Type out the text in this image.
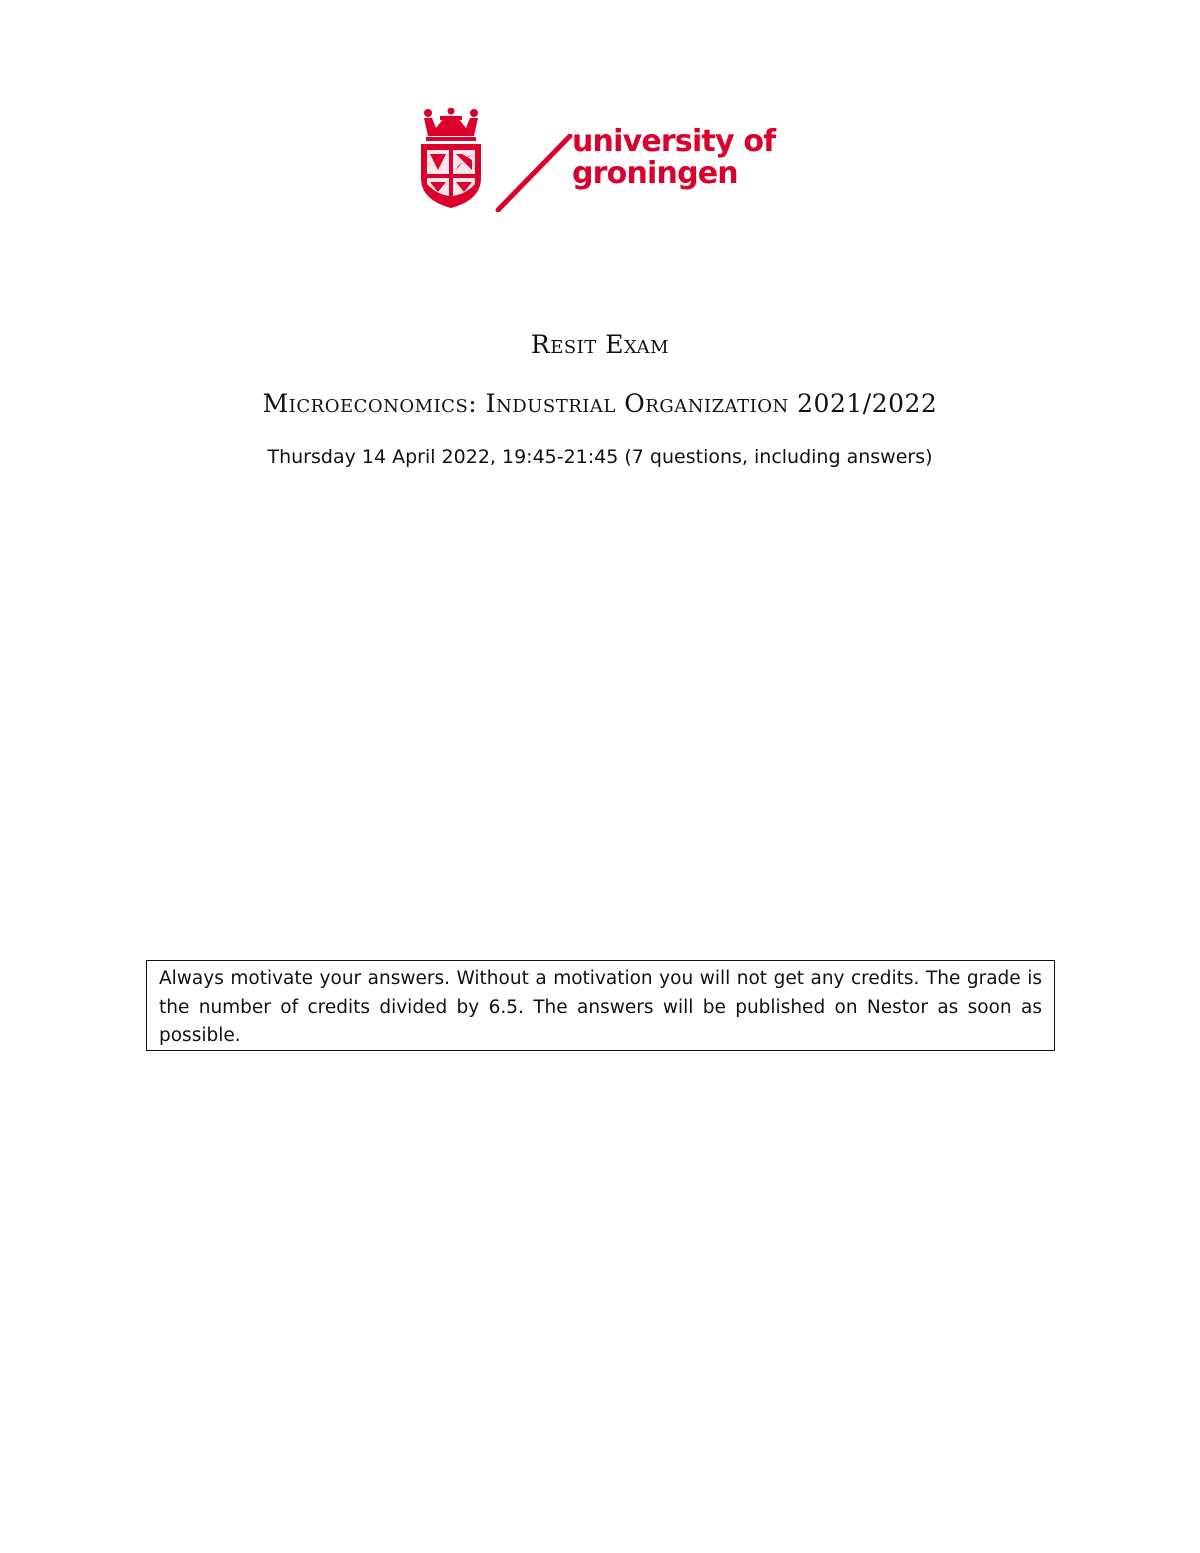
university of
groningen
Resit Exam
Microeconomics: Industrial Organization 2021/2022
Thursday 14 April 2022, 19:45-21:45 (7 questions, including answers)
Always motivate your answers. Without a motivation you will not get any credits. The grade is the number of credits divided by 6.5. The answers will be published on Nestor as soon as possible.
